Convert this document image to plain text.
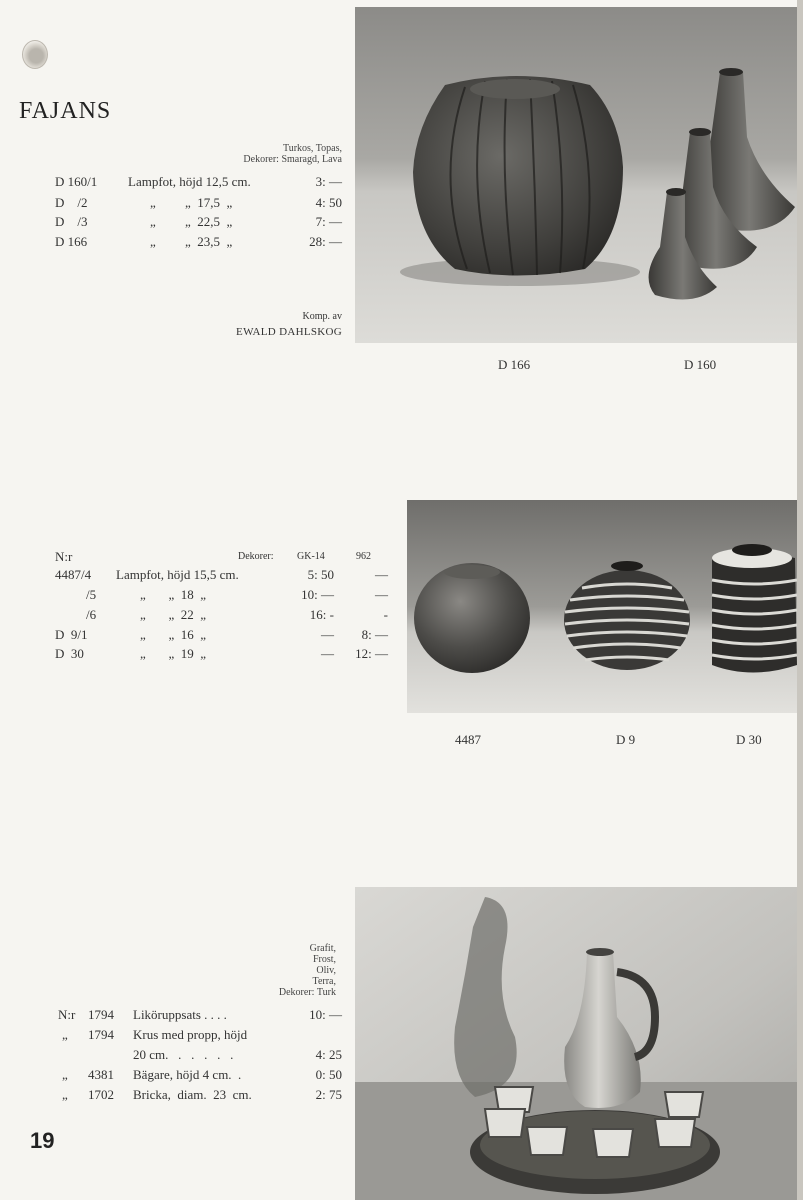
FAJANS
Turkos, Topas,
Dekorer: Smaragd, Lava
D 160/1 Lampfot, höjd 12,5 cm.	3: —
D    /2	„         „  17,5  „	4: 50
D    /3	„         „  22,5  „	7: —
D 166	„         „  23,5  „	28: —
Komp. av
EWALD DAHLSKOG
D 166	D 160
N:r	Dekorer: GK-14	962
4487/4 Lampfot, höjd 15,5 cm.	5: 50	—
/5	„       „  18  „	10: —	—
/6	„       „  22  „	16: -	-
D  9/1	„       „  16  „	—	8: —
D  30	„       „  19  „	—	12: —
4487	D 9	D 30
Grafit,
Frost,
Oliv,
Terra,
Dekorer: Turk
N:r 1794 Liköruppsats . . . .	10: —
„ 1794 Krus med propp, höjd
20 cm.   .   .   .   .   .	4: 25
„ 4381 Bägare, höjd 4 cm.  .	0: 50
„ 1702 Bricka,  diam.  23  cm.	2: 75
19
